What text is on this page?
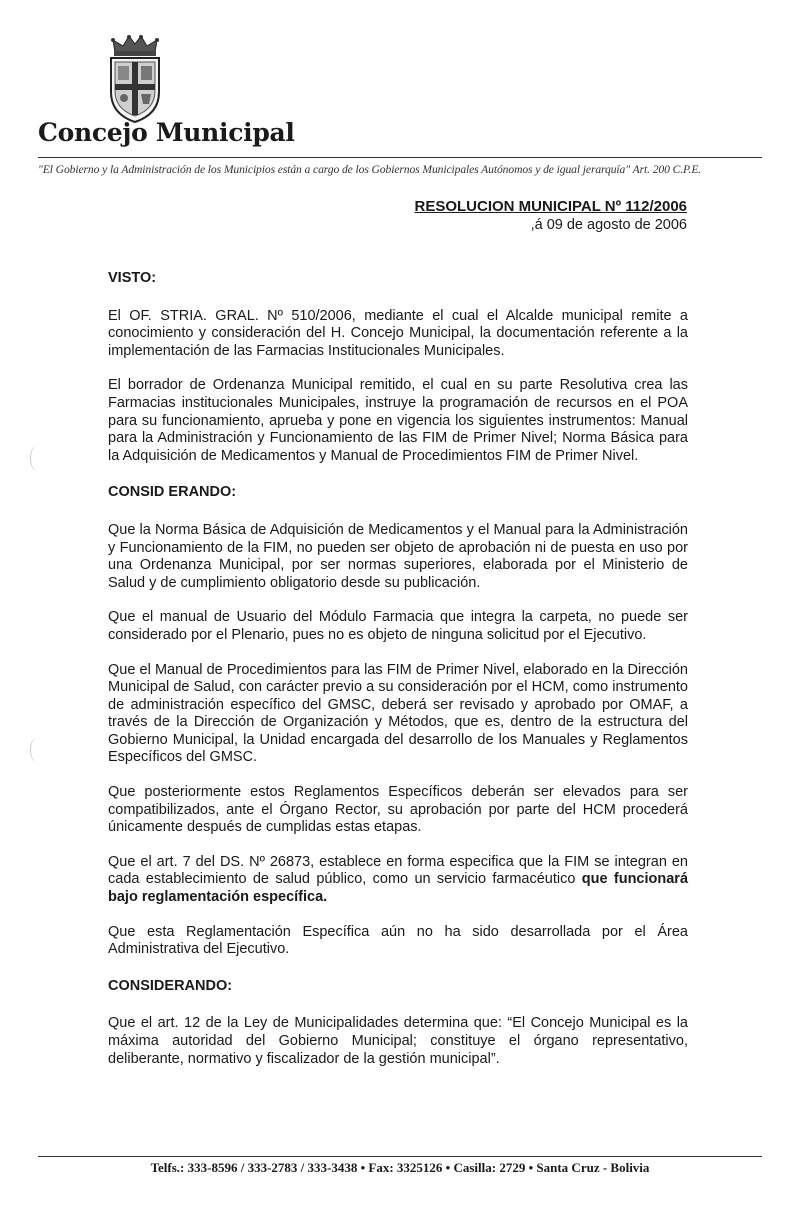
Concejo Municipal
"El Gobierno y la Administración de los Municipios están a cargo de los Gobiernos Municipales Autónomos y de igual jerarquía" Art. 200 C.P.E.
RESOLUCION MUNICIPAL Nº 112/2006
,á 09 de agosto de 2006
VISTO:

El OF. STRIA. GRAL. Nº 510/2006, mediante el cual el Alcalde municipal remite a conocimiento y consideración del H. Concejo Municipal, la documentación referente a la implementación de las Farmacias Institucionales Municipales.

El borrador de Ordenanza Municipal remitido, el cual en su parte Resolutiva crea las Farmacias institucionales Municipales, instruye la programación de recursos en el POA para su funcionamiento, aprueba y pone en vigencia los siguientes instrumentos: Manual para la Administración y Funcionamiento de las FIM de Primer Nivel; Norma Básica para la Adquisición de Medicamentos y Manual de Procedimientos FIM de Primer Nivel.

CONSID ERANDO:

Que la Norma Básica de Adquisición de Medicamentos y el Manual para la Administración y Funcionamiento de la FIM, no pueden ser objeto de aprobación ni de puesta en uso por una Ordenanza Municipal, por ser normas superiores, elaborada por el Ministerio de Salud y de cumplimiento obligatorio desde su publicación.

Que el manual de Usuario del Módulo Farmacia que integra la carpeta, no puede ser considerado por el Plenario, pues no es objeto de ninguna solicitud por el Ejecutivo.

Que el Manual de Procedimientos para las FIM de Primer Nivel, elaborado en la Dirección Municipal de Salud, con carácter previo a su consideración por el HCM, como instrumento de administración específico del GMSC, deberá ser revisado y aprobado por OMAF, a través de la Dirección de Organización y Métodos, que es, dentro de la estructura del Gobierno Municipal, la Unidad encargada del desarrollo de los Manuales y Reglamentos Específicos del GMSC.

Que posteriormente estos Reglamentos Específicos deberán ser elevados para ser compatibilizados, ante el Órgano Rector, su aprobación por parte del HCM procederá únicamente después de cumplidas estas etapas.

Que el art. 7 del DS. Nº 26873, establece en forma especifica que la FIM se integran en cada establecimiento de salud público, como un servicio farmacéutico que funcionará bajo reglamentación específica.

Que esta Reglamentación Específica aún no ha sido desarrollada por el Área Administrativa del Ejecutivo.

CONSIDERANDO:

Que el art. 12 de la Ley de Municipalidades determina que: “El Concejo Municipal es la máxima autoridad del Gobierno Municipal; constituye el órgano representativo, deliberante, normativo y fiscalizador de la gestión municipal”.

Telfs.: 333-8596 / 333-2783 / 333-3438 • Fax: 3325126 • Casilla: 2729 • Santa Cruz - Bolivia
